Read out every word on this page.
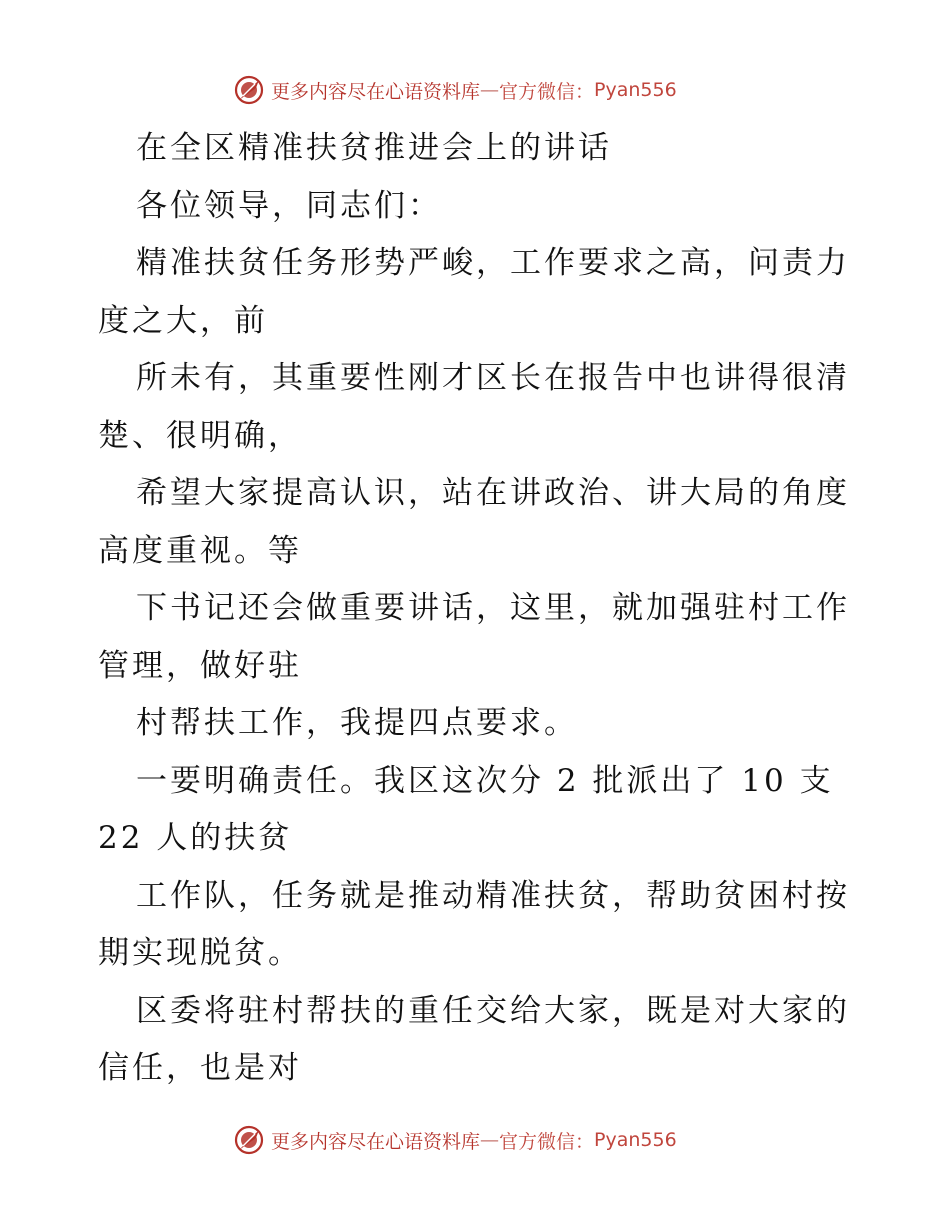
更多内容尽在心语资料库 — 官方微信： Pyan556
在全区精准扶贫推进会上的讲话
各位领导，同志们：
精准扶贫任务形势严峻，工作要求之高，问责力
度之大，前
所未有，其重要性刚才区长在报告中也讲得很清
楚、很明确，
希望大家提高认识，站在讲政治、讲大局的角度
高度重视。等
下书记还会做重要讲话，这里，就加强驻村工作
管理，做好驻
村帮扶工作，我提四点要求。
一要明确责任。我区这次分 2 批派出了 10 支
22 人的扶贫
工作队，任务就是推动精准扶贫，帮助贫困村按
期实现脱贫。
区委将驻村帮扶的重任交给大家，既是对大家的
信任，也是对
更多内容尽在心语资料库 — 官方微信： Pyan556
